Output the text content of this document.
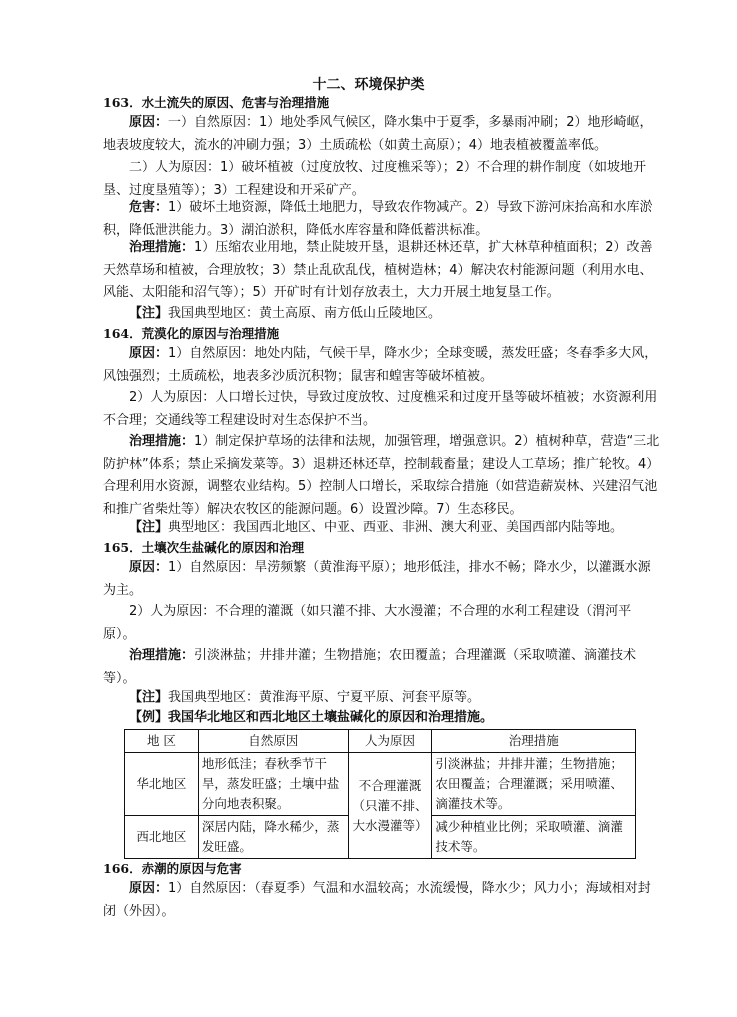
十二、环境保护类
163．水土流失的原因、危害与治理措施
原因：一）自然原因：1）地处季风气候区，降水集中于夏季，多暴雨冲刷；2）地形崎岖，地表坡度较大，流水的冲刷力强；3）土质疏松（如黄土高原）；4）地表植被覆盖率低。
二）人为原因：1）破坏植被（过度放牧、过度樵采等）；2）不合理的耕作制度（如坡地开垦、过度垦殖等）；3）工程建设和开采矿产。
危害：1）破坏土地资源，降低土地肥力，导致农作物减产。2）导致下游河床抬高和水库淤积，降低泄洪能力。3）湖泊淤积，降低水库容量和降低蓄洪标准。
治理措施：1）压缩农业用地，禁止陡坡开垦，退耕还林还草，扩大林草种植面积；2）改善天然草场和植被，合理放牧；3）禁止乱砍乱伐，植树造林；4）解决农村能源问题（利用水电、风能、太阳能和沼气等）；5）开矿时有计划存放表土，大力开展土地复垦工作。
【注】我国典型地区：黄土高原、南方低山丘陵地区。
164．荒漠化的原因与治理措施
原因：1）自然原因：地处内陆，气候干旱，降水少；全球变暖，蒸发旺盛；冬春季多大风，风蚀强烈；土质疏松，地表多沙质沉积物；鼠害和蝗害等破坏植被。
2）人为原因：人口增长过快，导致过度放牧、过度樵采和过度开垦等破坏植被；水资源利用不合理；交通线等工程建设时对生态保护不当。
治理措施：1）制定保护草场的法律和法规，加强管理，增强意识。2）植树种草，营造“三北防护林”体系；禁止采摘发菜等。3）退耕还林还草，控制载畜量；建设人工草场；推广轮牧。4）合理利用水资源，调整农业结构。5）控制人口增长，采取综合措施（如营造薪炭林、兴建沼气池和推广省柴灶等）解决农牧区的能源问题。6）设置沙障。7）生态移民。
【注】典型地区：我国西北地区、中亚、西亚、非洲、澳大利亚、美国西部内陆等地。
165．土壤次生盐碱化的原因和治理
原因：1）自然原因：旱涝频繁（黄淮海平原）；地形低洼，排水不畅；降水少，以灌溉水源为主。
2）人为原因：不合理的灌溉（如只灌不排、大水漫灌；不合理的水利工程建设（渭河平原）。
治理措施：引淡淋盐；井排井灌；生物措施；农田覆盖；合理灌溉（采取喷灌、滴灌技术等）。
【注】我国典型地区：黄淮海平原、宁夏平原、河套平原等。
【例】我国华北地区和西北地区土壤盐碱化的原因和治理措施。
地 区	自然原因	人为原因	治理措施
华北地区	地形低洼；春秋季节干旱，蒸发旺盛；土壤中盐分向地表积聚。	不合理灌溉（只灌不排、大水漫灌等）	引淡淋盐；井排井灌；生物措施；农田覆盖；合理灌溉；采用喷灌、滴灌技术等。
西北地区	深居内陆，降水稀少，蒸发旺盛。		减少种植业比例；采取喷灌、滴灌技术等。
166．赤潮的原因与危害
原因：1）自然原因：（春夏季）气温和水温较高；水流缓慢，降水少；风力小；海域相对封闭（外因）。
